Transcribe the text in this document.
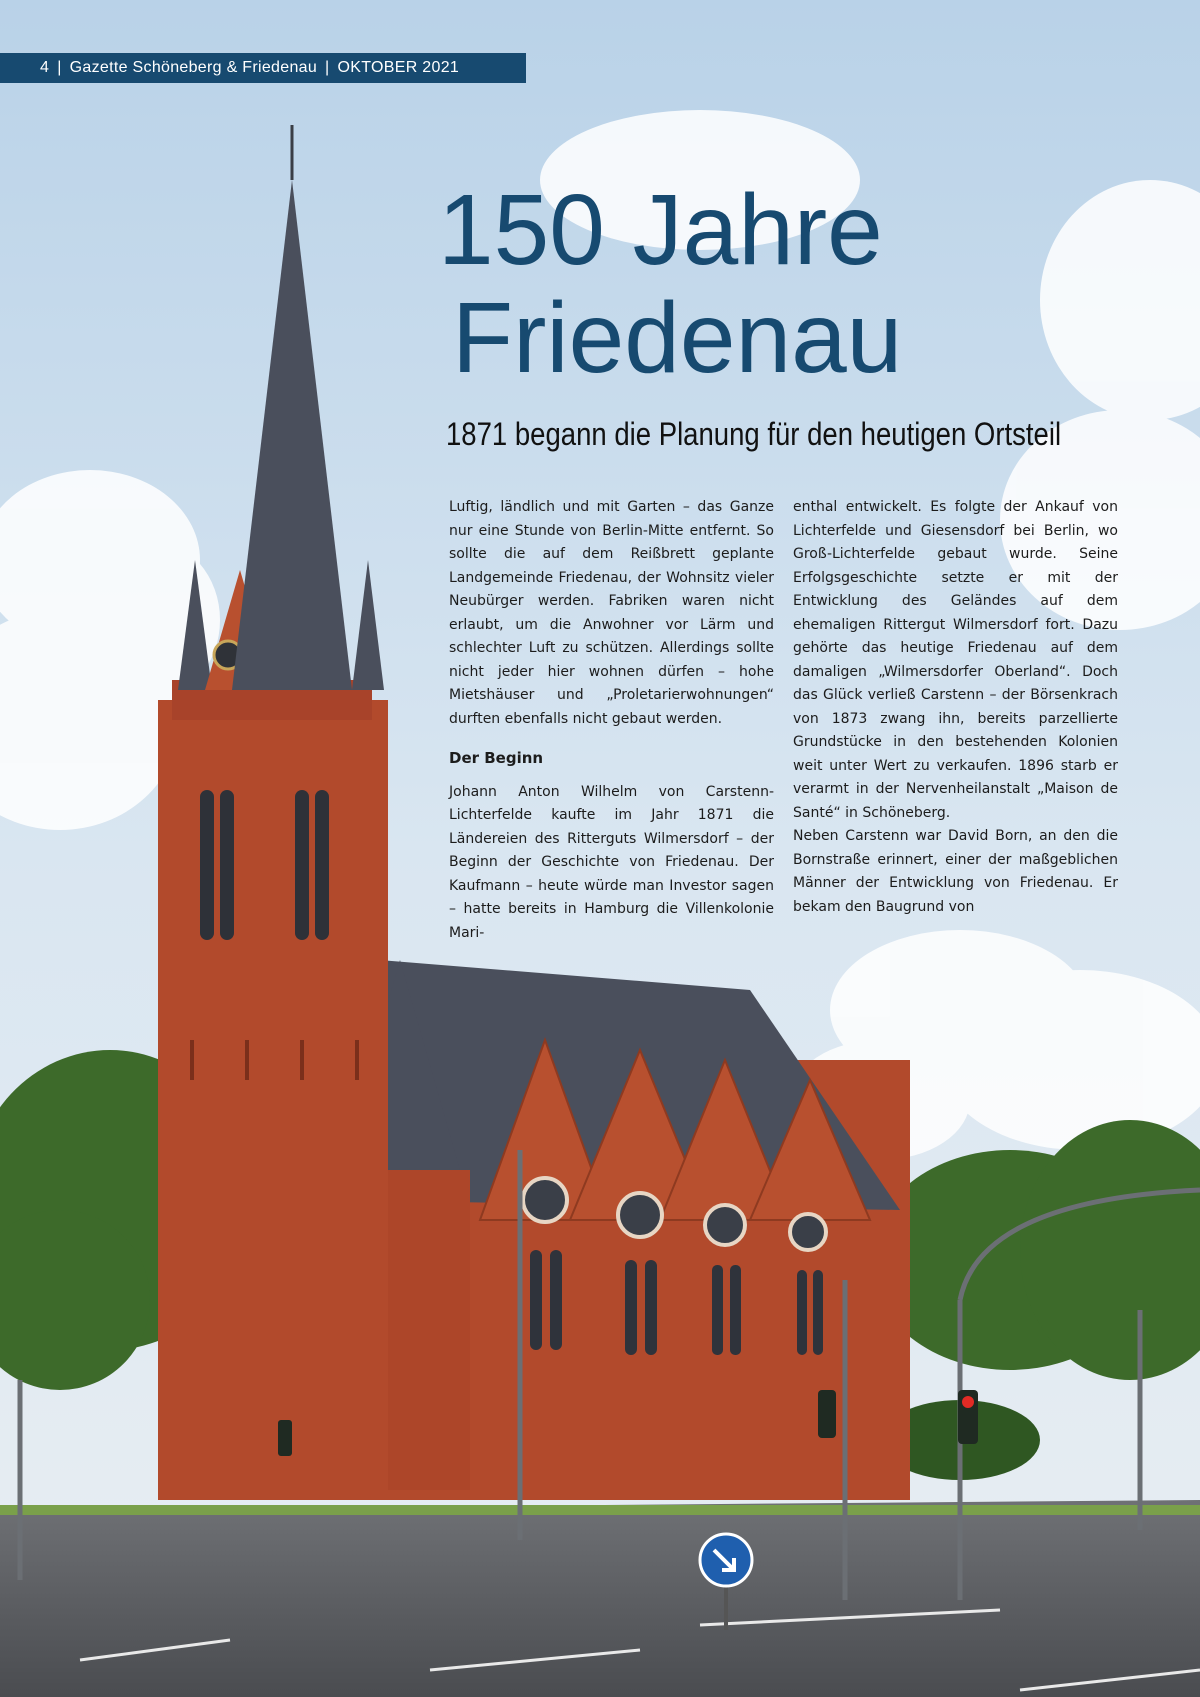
4 | Gazette Schöneberg & Friedenau | OKTOBER 2021
150 Jahre
Friedenau
1871 begann die Planung für den heutigen Ortsteil

Luftig, ländlich und mit Garten – das Ganze nur eine Stunde von Berlin-Mitte entfernt. So sollte die auf dem Reißbrett geplante Landgemeinde Friedenau, der Wohnsitz vieler Neubürger werden. Fabriken waren nicht erlaubt, um die Anwohner vor Lärm und schlechter Luft zu schützen. Allerdings sollte nicht jeder hier wohnen dürfen – hohe Mietshäuser und „Proletarierwohnungen“ durften ebenfalls nicht gebaut werden.

Der Beginn

Johann Anton Wilhelm von Carstenn-Lichterfelde kaufte im Jahr 1871 die Ländereien des Ritterguts Wilmersdorf – der Beginn der Geschichte von Friedenau. Der Kaufmann – heute würde man Investor sagen – hatte bereits in Hamburg die Villenkolonie Mari-

enthal entwickelt. Es folgte der Ankauf von Lichterfelde und Giesensdorf bei Berlin, wo Groß-Lichterfelde gebaut wurde. Seine Erfolgsgeschichte setzte er mit der Entwicklung des Geländes auf dem ehemaligen Rittergut Wilmersdorf fort. Dazu gehörte das heutige Friedenau auf dem damaligen „Wilmersdorfer Oberland“. Doch das Glück verließ Carstenn – der Börsenkrach von 1873 zwang ihn, bereits parzellierte Grundstücke in den bestehenden Kolonien weit unter Wert zu verkaufen. 1896 starb er verarmt in der Nervenheilanstalt „Maison de Santé“ in Schöneberg.

Neben Carstenn war David Born, an den die Bornstraße erinnert, einer der maßgeblichen Männer der Entwicklung von Friedenau. Er bekam den Baugrund von
